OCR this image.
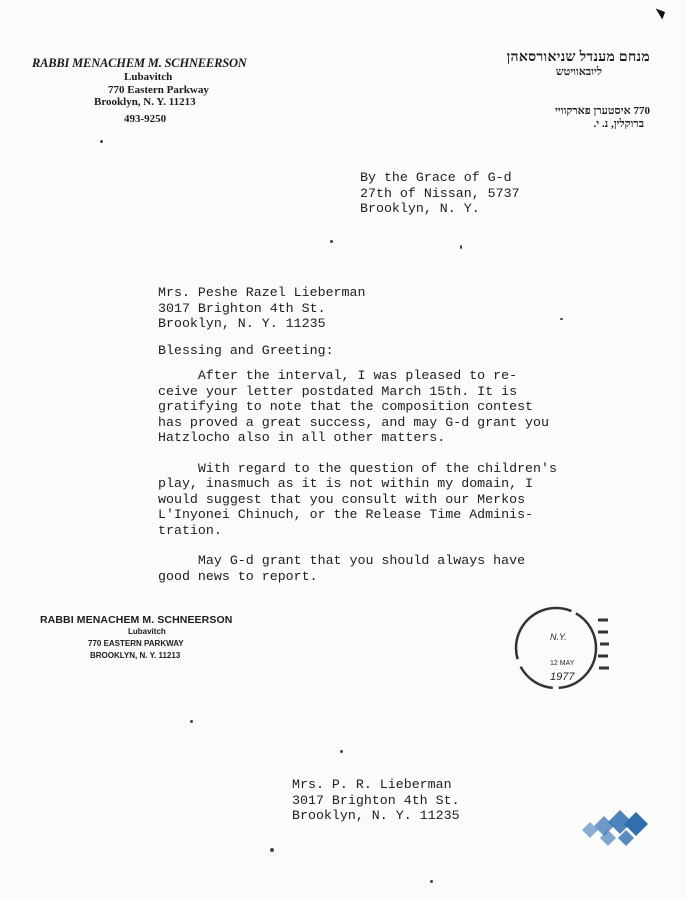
RABBI MENACHEM M. SCHNEERSON
Lubavitch
770 Eastern Parkway
Brooklyn, N. Y. 11213
493-9250
מנחם מענדל שניאורסאהן
ליובאוויטש
770 איסטערן פארקוויי
ברוקלין, נ. י.
By the Grace of G-d
27th of Nissan, 5737
Brooklyn, N. Y.
Mrs. Peshe Razel Lieberman
3017 Brighton 4th St.
Brooklyn, N. Y. 11235
Blessing and Greeting:

After the interval, I was pleased to re-
ceive your letter postdated March 15th. It is
gratifying to note that the composition contest
has proved a great success, and may G-d grant you
Hatzlocho also in all other matters.

With regard to the question of the children's
play, inasmuch as it is not within my domain, I
would suggest that you consult with our Merkos
L'Inyonei Chinuch, or the Release Time Adminis-
tration.

May G-d grant that you should always have
good news to report.

RABBI MENACHEM M. SCHNEERSON
Lubavitch
770 EASTERN PARKWAY
BROOKLYN, N. Y. 11213
N.Y.
12 MAY
1977
Mrs. P. R. Lieberman
3017 Brighton 4th St.
Brooklyn, N. Y. 11235
